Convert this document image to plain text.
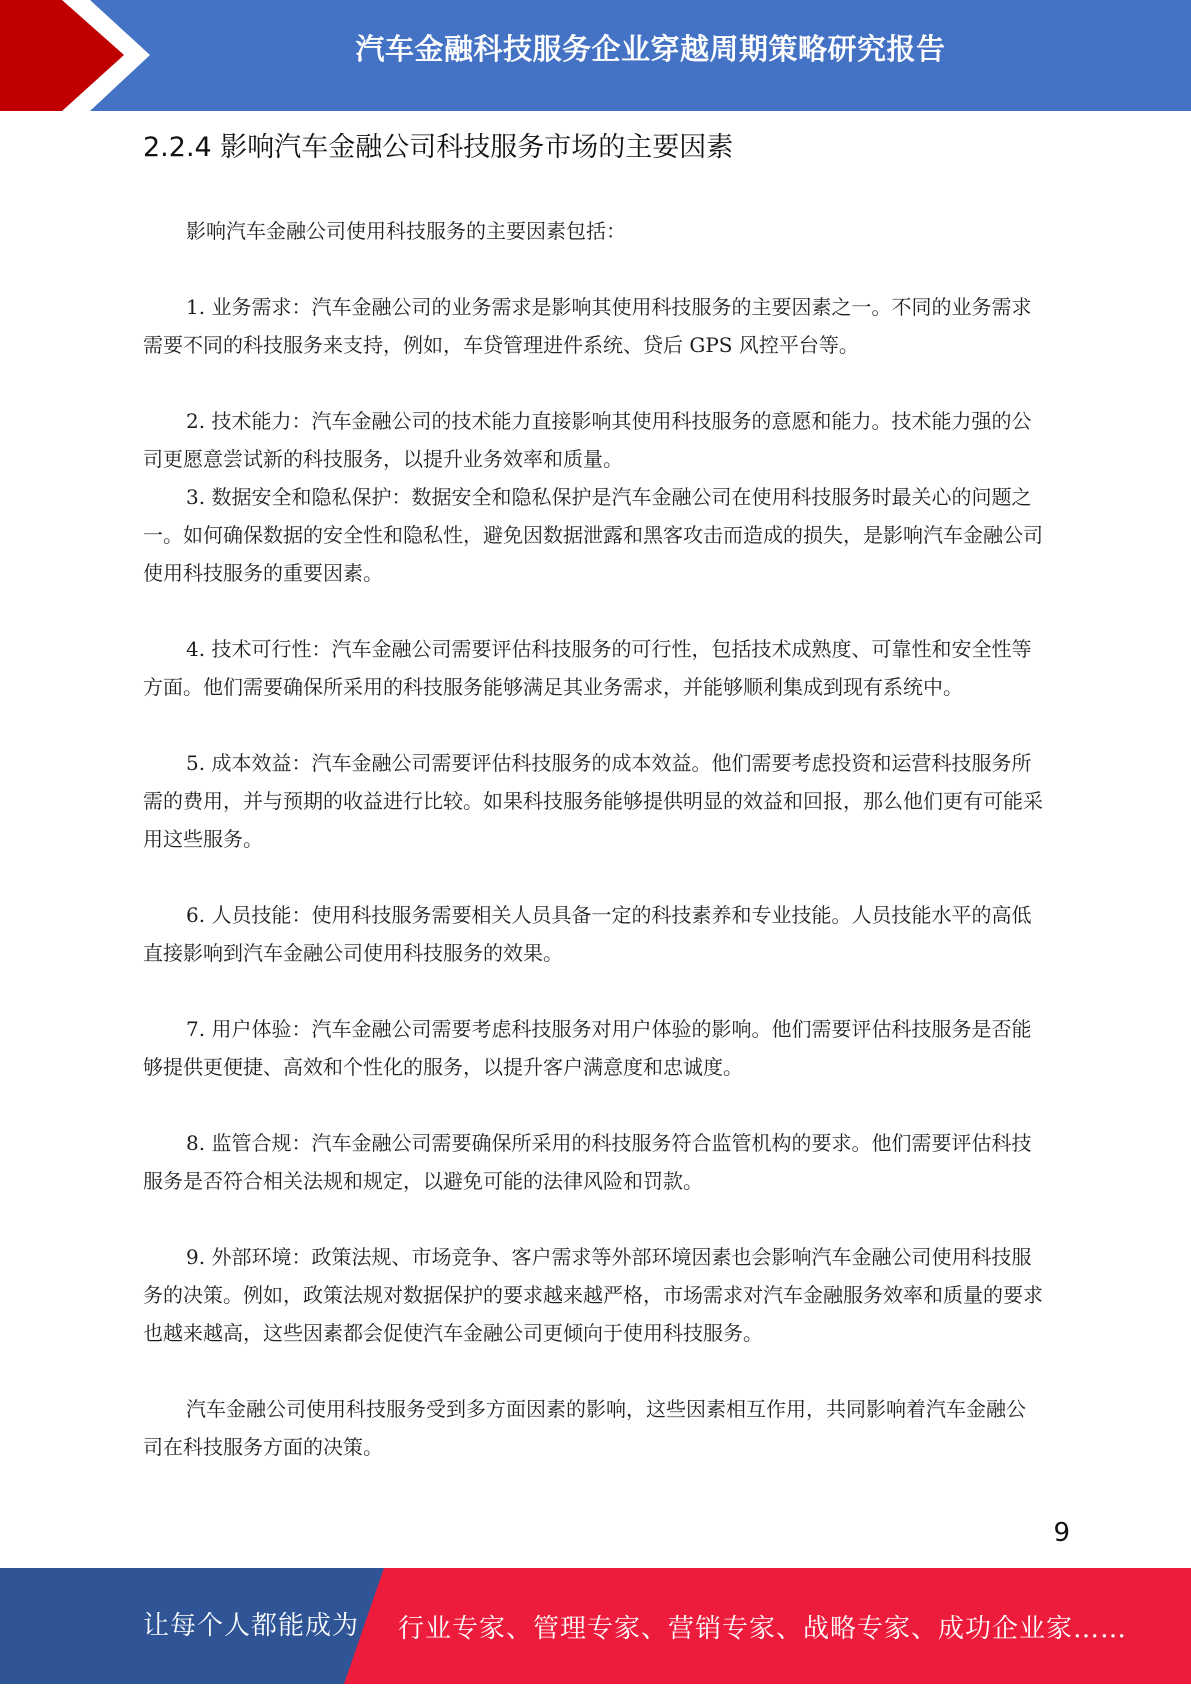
汽车金融科技服务企业穿越周期策略研究报告
2.2.4 影响汽车金融公司科技服务市场的主要因素

影响汽车金融公司使用科技服务的主要因素包括：

1. 业务需求：汽车金融公司的业务需求是影响其使用科技服务的主要因素之一。不同的业务需求需要不同的科技服务来支持，例如，车贷管理进件系统、贷后 GPS 风控平台等。

2. 技术能力：汽车金融公司的技术能力直接影响其使用科技服务的意愿和能力。技术能力强的公司更愿意尝试新的科技服务，以提升业务效率和质量。

3. 数据安全和隐私保护：数据安全和隐私保护是汽车金融公司在使用科技服务时最关心的问题之一。如何确保数据的安全性和隐私性，避免因数据泄露和黑客攻击而造成的损失，是影响汽车金融公司使用科技服务的重要因素。

4. 技术可行性：汽车金融公司需要评估科技服务的可行性，包括技术成熟度、可靠性和安全性等方面。他们需要确保所采用的科技服务能够满足其业务需求，并能够顺利集成到现有系统中。

5. 成本效益：汽车金融公司需要评估科技服务的成本效益。他们需要考虑投资和运营科技服务所需的费用，并与预期的收益进行比较。如果科技服务能够提供明显的效益和回报，那么他们更有可能采用这些服务。

6. 人员技能：使用科技服务需要相关人员具备一定的科技素养和专业技能。人员技能水平的高低直接影响到汽车金融公司使用科技服务的效果。

7. 用户体验：汽车金融公司需要考虑科技服务对用户体验的影响。他们需要评估科技服务是否能够提供更便捷、高效和个性化的服务，以提升客户满意度和忠诚度。

8. 监管合规：汽车金融公司需要确保所采用的科技服务符合监管机构的要求。他们需要评估科技服务是否符合相关法规和规定，以避免可能的法律风险和罚款。

9. 外部环境：政策法规、市场竞争、客户需求等外部环境因素也会影响汽车金融公司使用科技服务的决策。例如，政策法规对数据保护的要求越来越严格，市场需求对汽车金融服务效率和质量的要求也越来越高，这些因素都会促使汽车金融公司更倾向于使用科技服务。

汽车金融公司使用科技服务受到多方面因素的影响，这些因素相互作用，共同影响着汽车金融公司在科技服务方面的决策。

9
让每个人都能成为 行业专家、管理专家、营销专家、战略专家、成功企业家……
